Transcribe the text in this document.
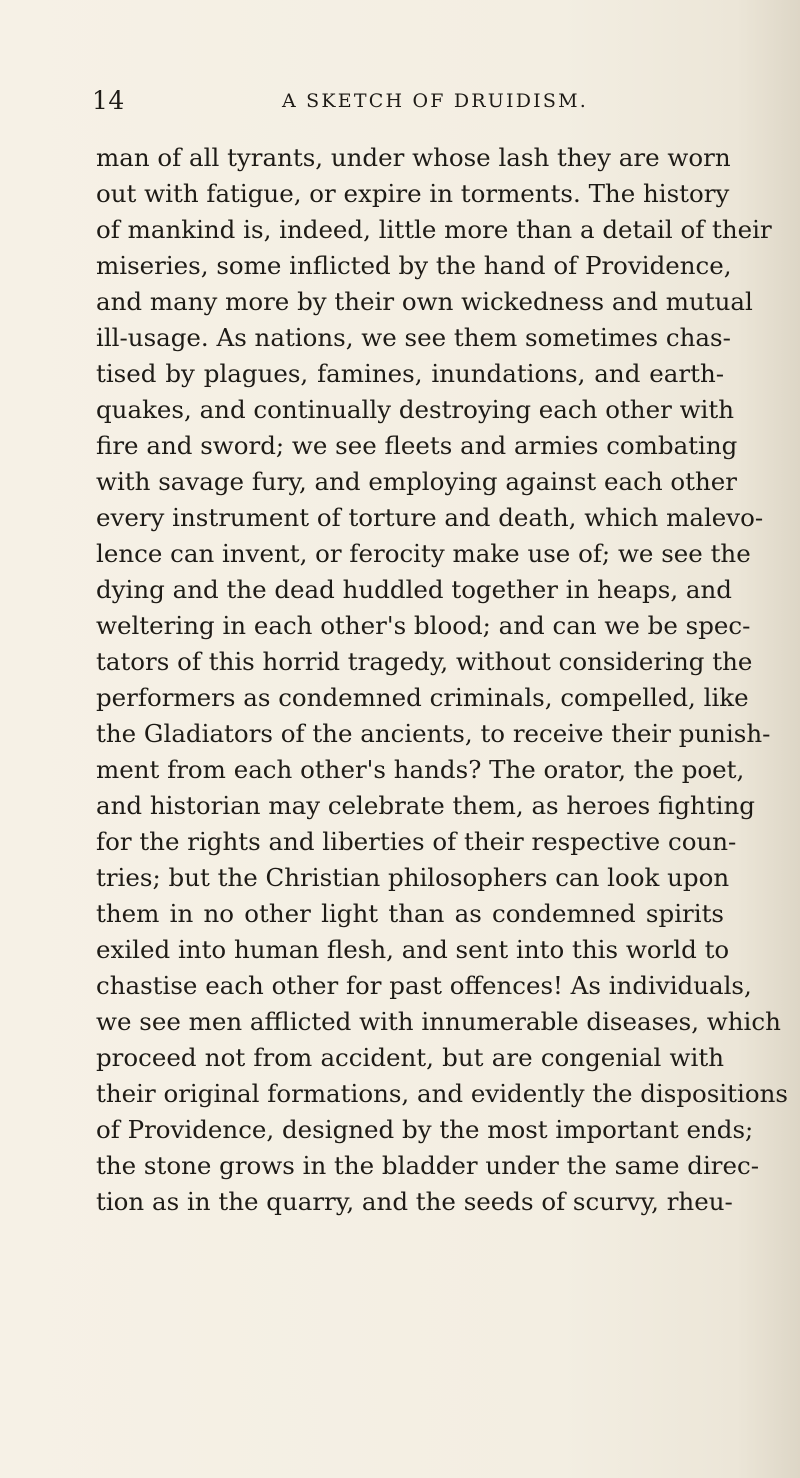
14	A SKETCH OF DRUIDISM.
man of all tyrants, under whose lash they are worn
out with fatigue, or expire in torments. The history
of mankind is, indeed, little more than a detail of their
miseries, some inflicted by the hand of Providence,
and many more by their own wickedness and mutual
ill-usage. As nations, we see them sometimes chas-
tised by plagues, famines, inundations, and earth-
quakes, and continually destroying each other with
fire and sword; we see fleets and armies combating
with savage fury, and employing against each other
every instrument of torture and death, which malevo-
lence can invent, or ferocity make use of; we see the
dying and the dead huddled together in heaps, and
weltering in each other's blood; and can we be spec-
tators of this horrid tragedy, without considering the
performers as condemned criminals, compelled, like
the Gladiators of the ancients, to receive their punish-
ment from each other's hands? The orator, the poet,
and historian may celebrate them, as heroes fighting
for the rights and liberties of their respective coun-
tries; but the Christian philosophers can look upon
them in no other light than as condemned spirits
exiled into human flesh, and sent into this world to
chastise each other for past offences! As individuals,
we see men afflicted with innumerable diseases, which
proceed not from accident, but are congenial with
their original formations, and evidently the dispositions
of Providence, designed by the most important ends;
the stone grows in the bladder under the same direc-
tion as in the quarry, and the seeds of scurvy, rheu-
